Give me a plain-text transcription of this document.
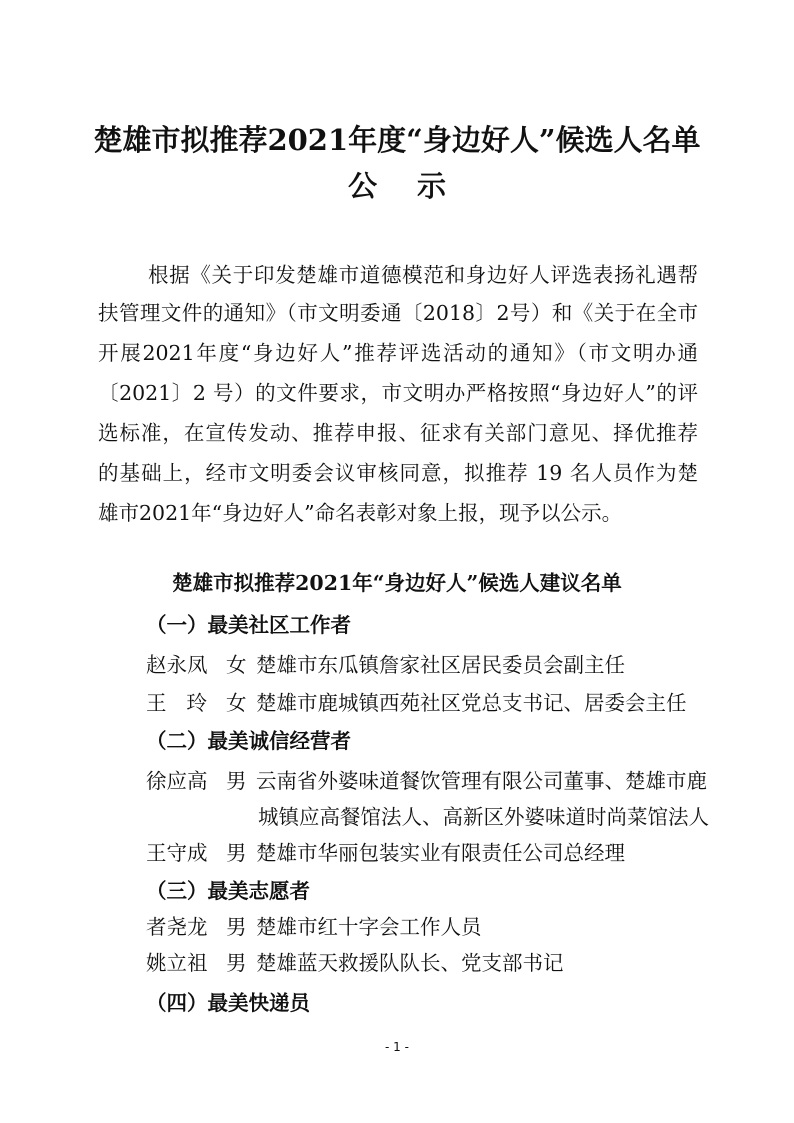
楚雄市拟推荐2021年度“身边好人”候选人名单
公示
根据《关于印发楚雄市道德模范和身边好人评选表扬礼遇帮
扶管理文件的通知》（市文明委通〔2018〕2号）和《关于在全市
开展2021年度“身边好人”推荐评选活动的通知》（市文明办通
〔2021〕2 号）的文件要求，市文明办严格按照“身边好人”的评
选标准，在宣传发动、推荐申报、征求有关部门意见、择优推荐
的基础上，经市文明委会议审核同意，拟推荐 19 名人员作为楚
雄市2021年“身边好人”命名表彰对象上报，现予以公示。
楚雄市拟推荐2021年“身边好人”候选人建议名单
（一）最美社区工作者
赵永凤 女 楚雄市东瓜镇詹家社区居民委员会副主任
王玲女 楚雄市鹿城镇西苑社区党总支书记、居委会主任
（二）最美诚信经营者
徐应高 男 云南省外婆味道餐饮管理有限公司董事、楚雄市鹿
城镇应高餐馆法人、高新区外婆味道时尚菜馆法人
王守成 男 楚雄市华丽包装实业有限责任公司总经理
（三）最美志愿者
者尧龙 男 楚雄市红十字会工作人员
姚立祖 男 楚雄蓝天救援队队长、党支部书记
（四）最美快递员
- 1 -
